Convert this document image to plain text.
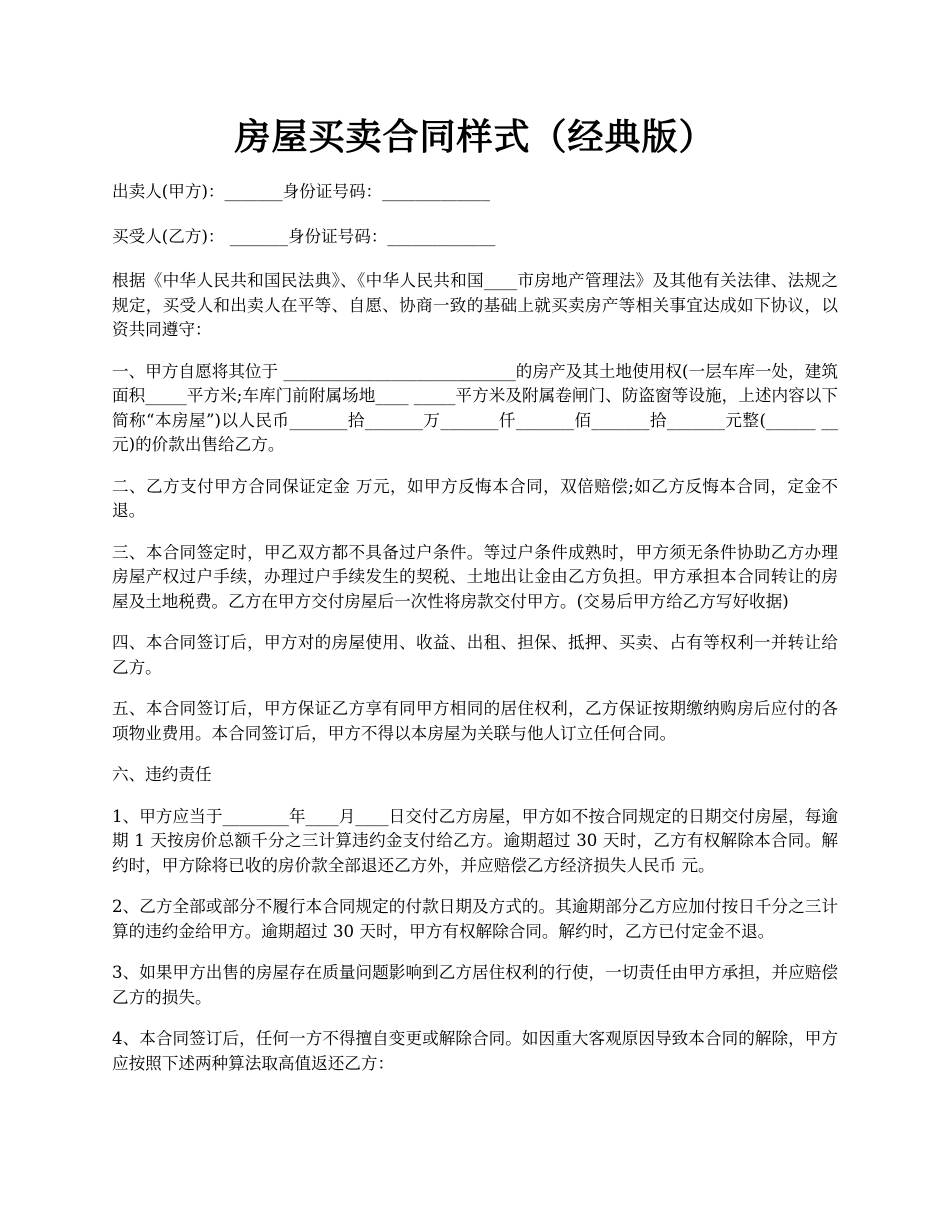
房屋买卖合同样式（经典版）

出卖人(甲方)：_______身份证号码：_____________

买受人(乙方)： _______身份证号码：_____________

根据《中华人民共和国民法典》、《中华人民共和国____市房地产管理法》及其他有关法律、法规之规定，买受人和出卖人在平等、自愿、协商一致的基础上就买卖房产等相关事宜达成如下协议，以资共同遵守：

一、甲方自愿将其位于 ____________________________的房产及其土地使用权(一层车库一处，建筑面积_____平方米;车库门前附属场地____ _____平方米及附属卷闸门、防盗窗等设施，上述内容以下简称“本房屋”)以人民币_______拾_______万_______仟_______佰_______拾_______元整(______ __ 元)的价款出售给乙方。

二、乙方支付甲方合同保证定金 万元，如甲方反悔本合同，双倍赔偿;如乙方反悔本合同，定金不退。

三、本合同签定时，甲乙双方都不具备过户条件。等过户条件成熟时，甲方须无条件协助乙方办理房屋产权过户手续，办理过户手续发生的契税、土地出让金由乙方负担。甲方承担本合同转让的房屋及土地税费。乙方在甲方交付房屋后一次性将房款交付甲方。(交易后甲方给乙方写好收据)

四、本合同签订后，甲方对的房屋使用、收益、出租、担保、抵押、买卖、占有等权利一并转让给乙方。

五、本合同签订后，甲方保证乙方享有同甲方相同的居住权利，乙方保证按期缴纳购房后应付的各项物业费用。本合同签订后，甲方不得以本房屋为关联与他人订立任何合同。

六、违约责任

1、甲方应当于________年____月____日交付乙方房屋，甲方如不按合同规定的日期交付房屋，每逾期 1 天按房价总额千分之三计算违约金支付给乙方。逾期超过 30 天时，乙方有权解除本合同。解约时，甲方除将已收的房价款全部退还乙方外，并应赔偿乙方经济损失人民币 元。

2、乙方全部或部分不履行本合同规定的付款日期及方式的。其逾期部分乙方应加付按日千分之三计算的违约金给甲方。逾期超过 30 天时，甲方有权解除合同。解约时，乙方已付定金不退。

3、如果甲方出售的房屋存在质量问题影响到乙方居住权利的行使，一切责任由甲方承担，并应赔偿乙方的损失。

4、本合同签订后，任何一方不得擅自变更或解除合同。如因重大客观原因导致本合同的解除，甲方应按照下述两种算法取高值返还乙方：
